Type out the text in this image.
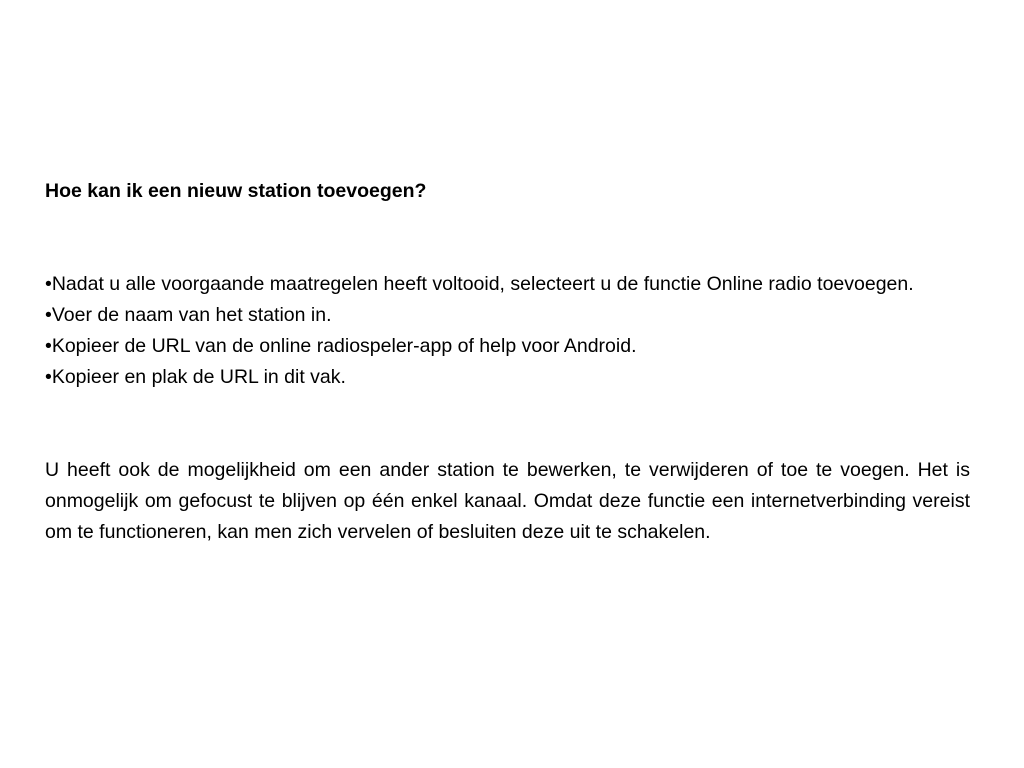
Hoe kan ik een nieuw station toevoegen?

• Nadat u alle voorgaande maatregelen heeft voltooid, selecteert u de functie Online radio toevoegen.
• Voer de naam van het station in.
• Kopieer de URL van de online radiospeler-app of help voor Android.
• Kopieer en plak de URL in dit vak.

U heeft ook de mogelijkheid om een ander station te bewerken, te verwijderen of toe te voegen. Het is onmogelijk om gefocust te blijven op één enkel kanaal. Omdat deze functie een internetverbinding vereist om te functioneren, kan men zich vervelen of besluiten deze uit te schakelen.
